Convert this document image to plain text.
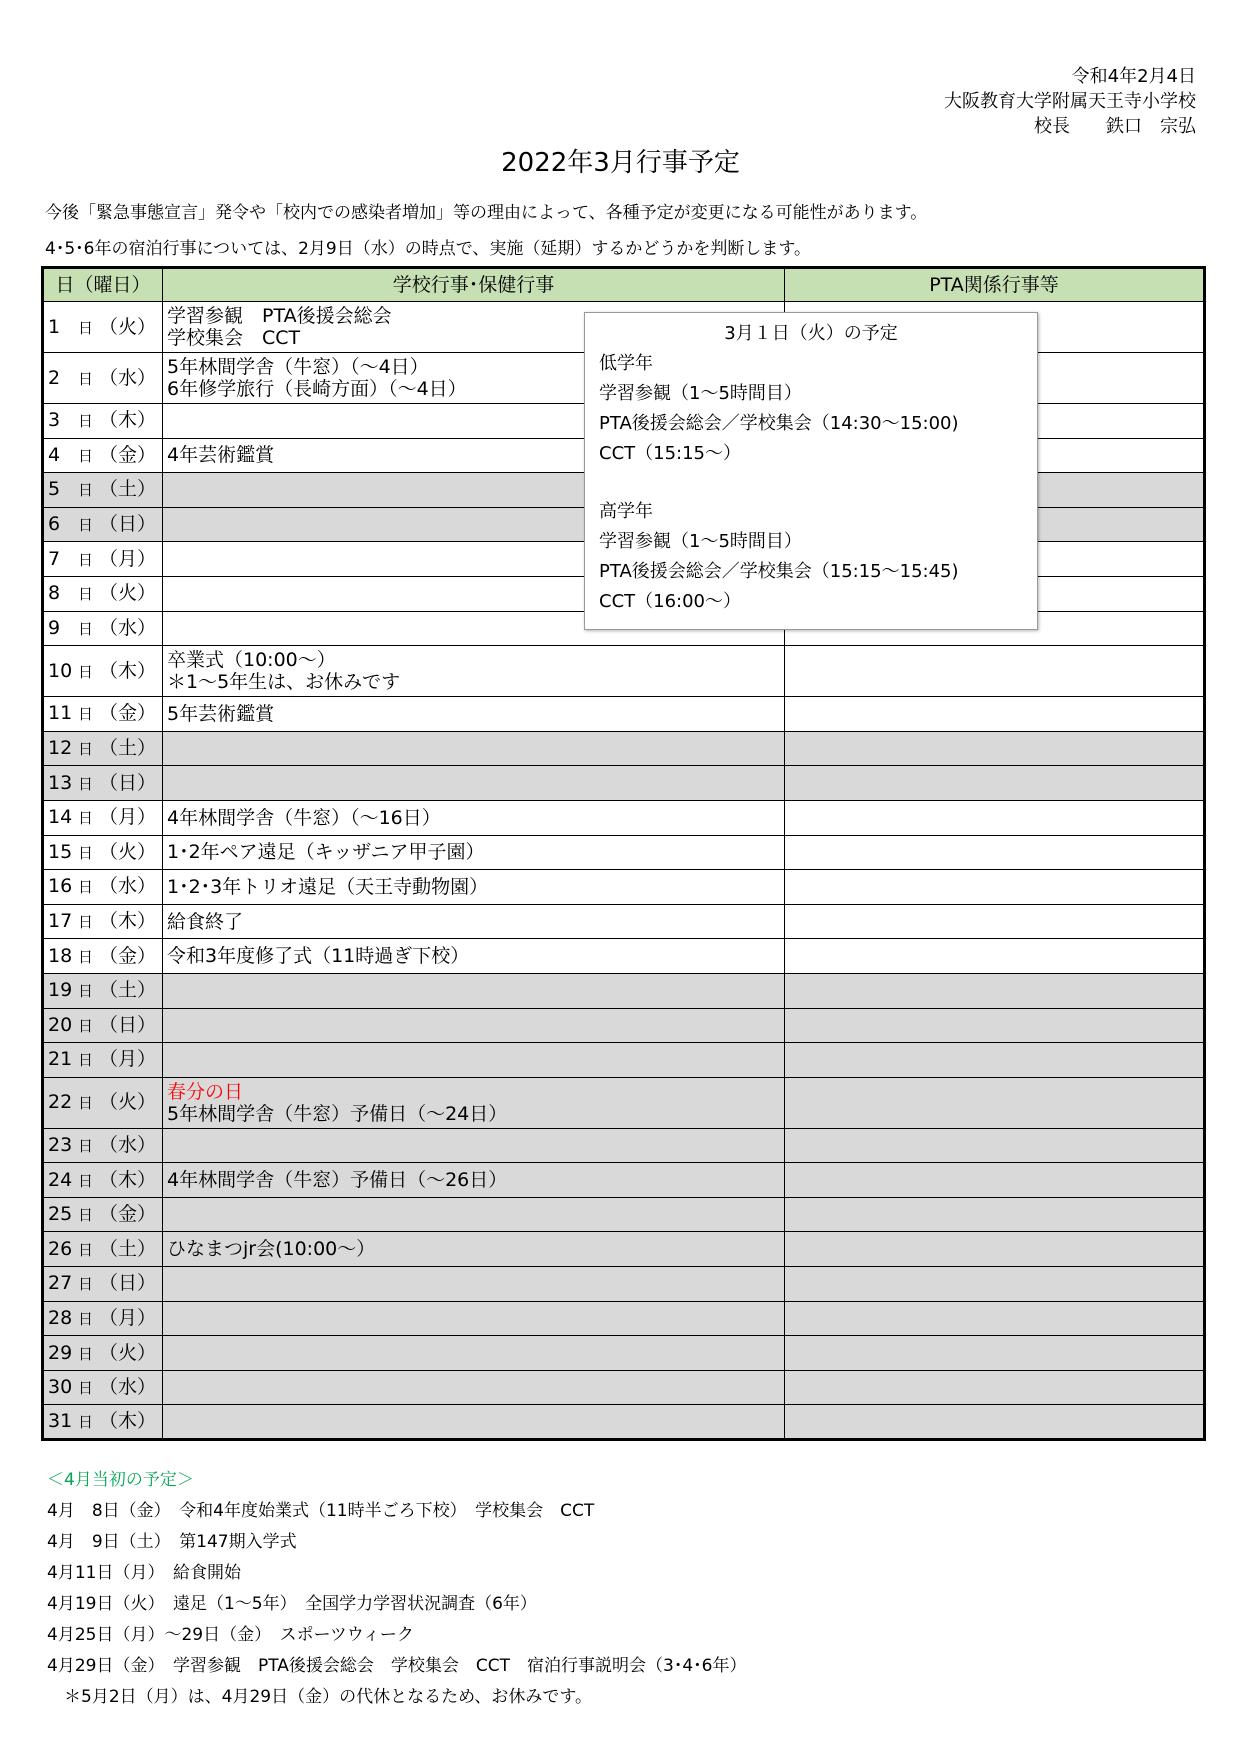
令和4年2月4日
大阪教育大学附属天王寺小学校
校長　　鉄口　宗弘
2022年3月行事予定
今後「緊急事態宣言」発令や「校内での感染者増加」等の理由によって、各種予定が変更になる可能性があります。
4･5･6年の宿泊行事については、2月9日（水）の時点で、実施（延期）するかどうかを判断します。
日（曜日）	学校行事･保健行事	PTA関係行事等
1 日 （火）	学習参観　PTA後援会総会
学校集会　CCT	

2 日 （水）	5年林間学舎（牛窓）（～4日）
6年修学旅行（長崎方面）（～4日）	

3 日 （木）		
4 日 （金）	4年芸術鑑賞	

5 日 （土）		
6 日 （日）		
7 日 （月）		
8 日 （火）		
9 日 （水）		
10 日 （木）	卒業式（10:00～）
＊1～5年生は、お休みです	

11 日 （金）	5年芸術鑑賞	

12 日 （土）		
13 日 （日）		
14 日 （月）	4年林間学舎（牛窓）（～16日）	

15 日 （火）	1･2年ペア遠足（キッザニア甲子園）	

16 日 （水）	1･2･3年トリオ遠足（天王寺動物園）	

17 日 （木）	給食終了	

18 日 （金）	令和3年度修了式（11時過ぎ下校）	

19 日 （土）		
20 日 （日）		
21 日 （月）		
22 日 （火）	春分の日
5年林間学舎（牛窓）予備日（～24日）	

23 日 （水）		
24 日 （木）	4年林間学舎（牛窓）予備日（～26日）	

25 日 （金）		
26 日 （土）	ひなまつjr会(10:00～）	

27 日 （日）		
28 日 （月）		
29 日 （火）		
30 日 （水）		
31 日 （木）		
3月１日（火）の予定
低学年
学習参観（1～5時間目）
PTA後援会総会／学校集会（14:30～15:00)
CCT（15:15～）
高学年
学習参観（1～5時間目）
PTA後援会総会／学校集会（15:15～15:45)
CCT（16:00～）
＜4月当初の予定＞
4月　8日（金）　令和4年度始業式（11時半ごろ下校）　学校集会　CCT
4月　9日（土）　第147期入学式
4月11日（月）　給食開始
4月19日（火）　遠足（1～5年）　全国学力学習状況調査（6年）
4月25日（月）～29日（金）　スポーツウィーク
4月29日（金）　学習参観　PTA後援会総会　学校集会　CCT　宿泊行事説明会（3･4･6年）
　＊5月2日（月）は、4月29日（金）の代休となるため、お休みです。
